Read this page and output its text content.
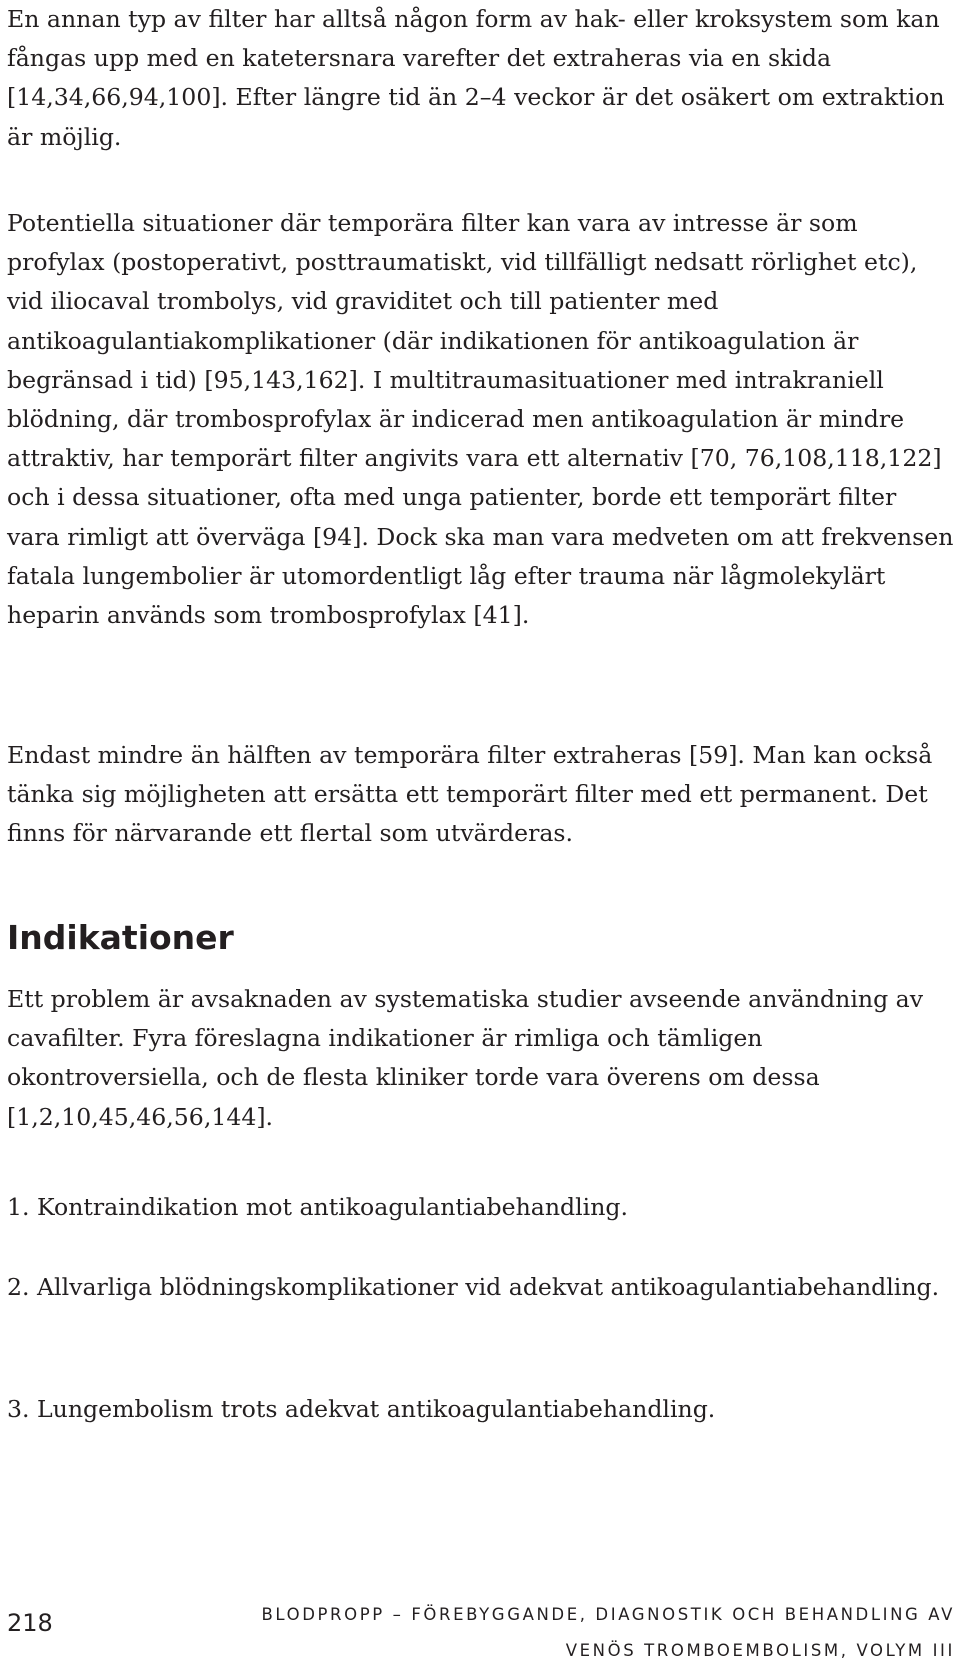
En annan typ av filter har alltså någon form av hak- eller kroksystem som kan fångas upp med en katetersnara varefter det extraheras via en skida [14,34,66,94,100]. Efter längre tid än 2–4 veckor är det osäkert om extraktion är möjlig.

Potentiella situationer där temporära filter kan vara av intresse är som profylax (postoperativt, posttraumatiskt, vid tillfälligt nedsatt rörlighet etc), vid iliocaval trombolys, vid graviditet och till patienter med antikoagulantiakomplikationer (där indikationen för antikoagulation är begränsad i tid) [95,143,162]. I multitraumasituationer med intrakraniell blödning, där trombosprofylax är indicerad men antikoagulation är mindre attraktiv, har temporärt filter angivits vara ett alternativ [70, 76,108,118,122] och i dessa situationer, ofta med unga patienter, borde ett temporärt filter vara rimligt att överväga [94]. Dock ska man vara medveten om att frekvensen fatala lungembolier är utomordentligt låg efter trauma när lågmolekylärt heparin används som trombosprofylax [41].

Endast mindre än hälften av temporära filter extraheras [59]. Man kan också tänka sig möjligheten att ersätta ett temporärt filter med ett permanent. Det finns för närvarande ett flertal som utvärderas.

Indikationer

Ett problem är avsaknaden av systematiska studier avseende användning av cavafilter. Fyra föreslagna indikationer är rimliga och tämligen okontroversiella, och de flesta kliniker torde vara överens om dessa [1,2,10,45,46,56,144].

1. Kontraindikation mot antikoagulantiabehandling.
2. Allvarliga blödningskomplikationer vid adekvat antikoagulantiabehandling.
3. Lungembolism trots adekvat antikoagulantiabehandling.
218	BLODPROPP – FÖREBYGGANDE, DIAGNOSTIK OCH BEHANDLING AV
VENÖS TROMBOEMBOLISM, VOLYM III
